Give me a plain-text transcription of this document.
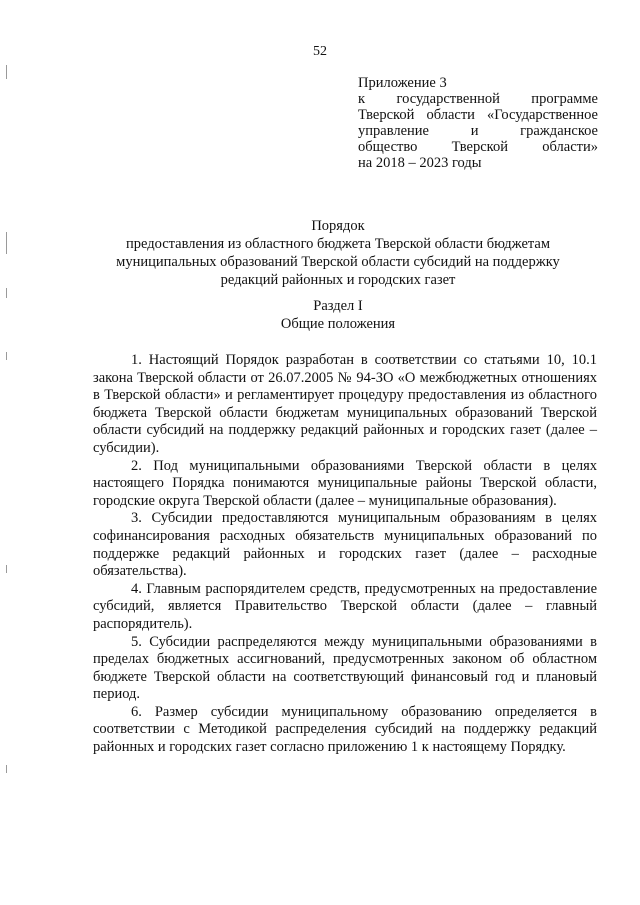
52
Приложение 3
к государственной программе
Тверской области «Государственное
управление и гражданское
общество Тверской области»
на 2018 – 2023 годы
Порядок
предоставления из областного бюджета Тверской области бюджетам
муниципальных образований Тверской области субсидий на поддержку
редакций районных и городских газет
Раздел I
Общие положения

1. Настоящий Порядок разработан в соответствии со статьями 10, 10.1 закона Тверской области от 26.07.2005 № 94-ЗО «О межбюджетных отношениях в Тверской области» и регламентирует процедуру предоставления из областного бюджета Тверской области бюджетам муниципальных образований Тверской области субсидий на поддержку редакций районных и городских газет (далее – субсидии).

2. Под муниципальными образованиями Тверской области в целях настоящего Порядка понимаются муниципальные районы Тверской области, городские округа Тверской области (далее – муниципальные образования).

3. Субсидии предоставляются муниципальным образованиям в целях софинансирования расходных обязательств муниципальных образований по поддержке редакций районных и городских газет (далее – расходные обязательства).

4. Главным распорядителем средств, предусмотренных на предоставление субсидий, является Правительство Тверской области (далее – главный распорядитель).

5. Субсидии распределяются между муниципальными образованиями в пределах бюджетных ассигнований, предусмотренных законом об областном бюджете Тверской области на соответствующий финансовый год и плановый период.

6. Размер субсидии муниципальному образованию определяется в соответствии с Методикой распределения субсидий на поддержку редакций районных и городских газет согласно приложению 1 к настоящему Порядку.
